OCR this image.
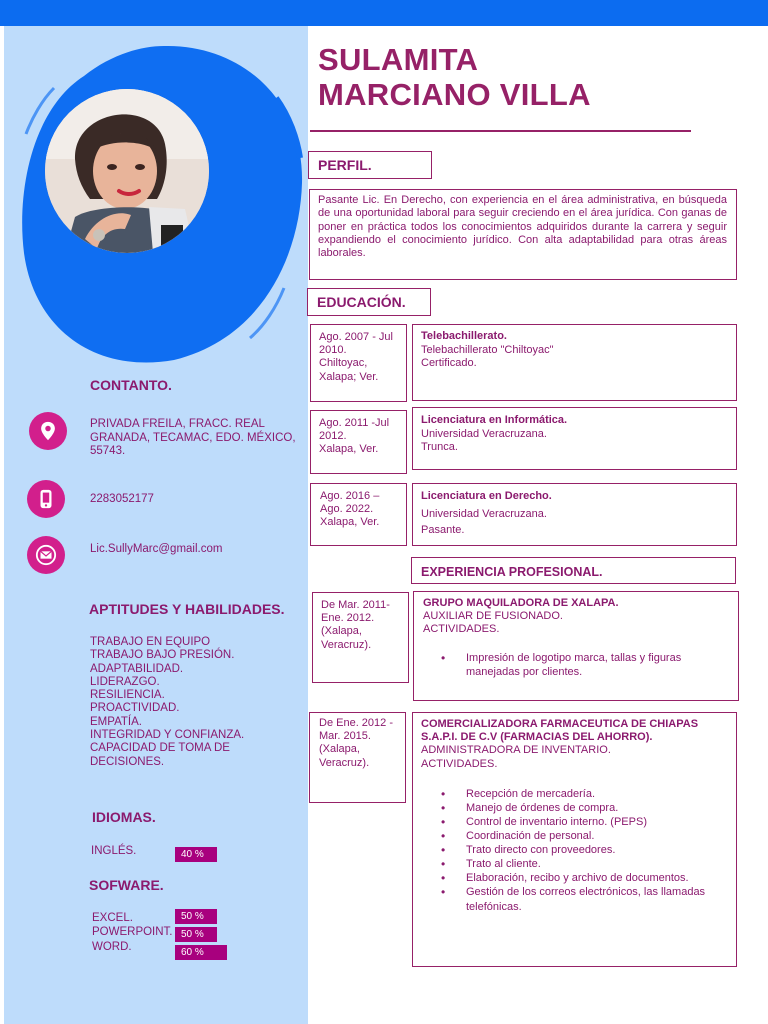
CONTANTO.
PRIVADA FREILA, FRACC. REAL GRANADA, TECAMAC, EDO. MÉXICO, 55743.
2283052177
Lic.SullyMarc@gmail.com
APTITUDES Y HABILIDADES.
TRABAJO EN EQUIPO
TRABAJO BAJO PRESIÓN.
ADAPTABILIDAD.
LIDERAZGO.
RESILIENCIA.
PROACTIVIDAD.
EMPATÍA.
INTEGRIDAD Y CONFIANZA.
CAPACIDAD DE TOMA DE
DECISIONES.
IDIOMAS.
INGLÉS.	40 %
SOFWARE.
EXCEL.	50 %
POWERPOINT. 50 %
WORD.	60 %
SULAMITA
MARCIANO VILLA
PERFIL.
Pasante Lic. En Derecho, con experiencia en el área administrativa, en búsqueda de una oportunidad laboral para seguir creciendo en el área jurídica. Con ganas de poner en práctica todos los conocimientos adquiridos durante la carrera y seguir expandiendo el conocimiento jurídico. Con alta adaptabilidad para otras áreas laborales.
EDUCACIÓN.
Ago. 2007 - Jul
2010.
Chiltoyac,
Xalapa; Ver.
Telebachillerato.
Telebachillerato "Chiltoyac"
Certificado.
Ago. 2011 -Jul
2012.
Xalapa, Ver.
Licenciatura en Informática.
Universidad Veracruzana.
Trunca.
Ago. 2016 –
Ago. 2022.
Xalapa, Ver.
Licenciatura en Derecho.
Universidad Veracruzana.
Pasante.
EXPERIENCIA PROFESIONAL.
De Mar. 2011-
Ene. 2012.
(Xalapa,
Veracruz).
GRUPO MAQUILADORA DE XALAPA.
AUXILIAR DE FUSIONADO.
ACTIVIDADES.
• Impresión de logotipo marca, tallas y figuras manejadas por clientes.
De Ene. 2012 -
Mar. 2015.
(Xalapa,
Veracruz).
COMERCIALIZADORA FARMACEUTICA DE CHIAPAS
S.A.P.I. DE C.V (FARMACIAS DEL AHORRO).
ADMINISTRADORA DE INVENTARIO.
ACTIVIDADES.
• Recepción de mercadería.
• Manejo de órdenes de compra.
• Control de inventario interno. (PEPS)
• Coordinación de personal.
• Trato directo con proveedores.
• Trato al cliente.
• Elaboración, recibo y archivo de documentos.
• Gestión de los correos electrónicos, las llamadas telefónicas.
